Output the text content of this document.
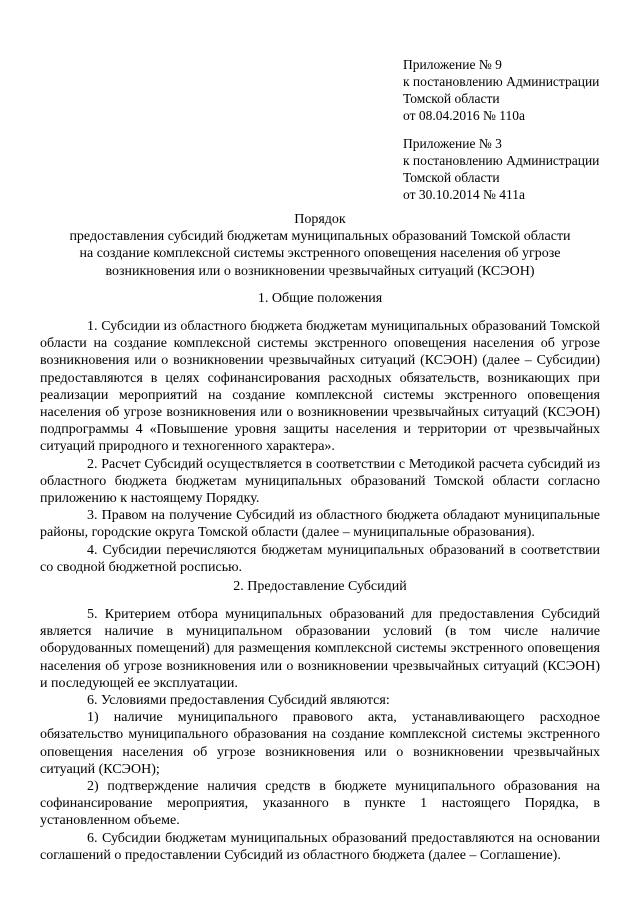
Приложение № 9

к постановлению Администрации

Томской области

от 08.04.2016 № 110а

Приложение № 3

к постановлению Администрации

Томской области

от 30.10.2014 № 411а

Порядок

предоставления субсидий бюджетам муниципальных образований Томской области

на создание комплексной системы экстренного оповещения населения об угрозе

возникновения или о возникновении чрезвычайных ситуаций (КСЭОН)

1. Общие положения

1. Субсидии из областного бюджета бюджетам муниципальных образований Томской области на создание комплексной системы экстренного оповещения населения об угрозе возникновения или о возникновении чрезвычайных ситуаций (КСЭОН) (далее – Субсидии) предоставляются в целях софинансирования расходных обязательств, возникающих при реализации мероприятий на создание комплексной системы экстренного оповещения населения об угрозе возникновения или о возникновении чрезвычайных ситуаций (КСЭОН) подпрограммы 4 «Повышение уровня защиты населения и территории от чрезвычайных ситуаций природного и техногенного характера».

2. Расчет Субсидий осуществляется в соответствии с Методикой расчета субсидий из областного бюджета бюджетам муниципальных образований Томской области согласно приложению к настоящему Порядку.

3. Правом на получение Субсидий из областного бюджета обладают муниципальные районы, городские округа Томской области (далее – муниципальные образования).

4. Субсидии перечисляются бюджетам муниципальных образований в соответствии со сводной бюджетной росписью.

2. Предоставление Субсидий

5. Критерием отбора муниципальных образований для предоставления Субсидий является наличие в муниципальном образовании условий (в том числе наличие оборудованных помещений) для размещения комплексной системы экстренного оповещения населения об угрозе возникновения или о возникновении чрезвычайных ситуаций (КСЭОН) и последующей ее эксплуатации.

6. Условиями предоставления Субсидий являются:

1) наличие муниципального правового акта, устанавливающего расходное обязательство муниципального образования на создание комплексной системы экстренного оповещения населения об угрозе возникновения или о возникновении чрезвычайных ситуаций (КСЭОН);

2) подтверждение наличия средств в бюджете муниципального образования на софинансирование мероприятия, указанного в пункте 1 настоящего Порядка, в установленном объеме.

6. Субсидии бюджетам муниципальных образований предоставляются на основании соглашений о предоставлении Субсидий из областного бюджета (далее – Соглашение).
